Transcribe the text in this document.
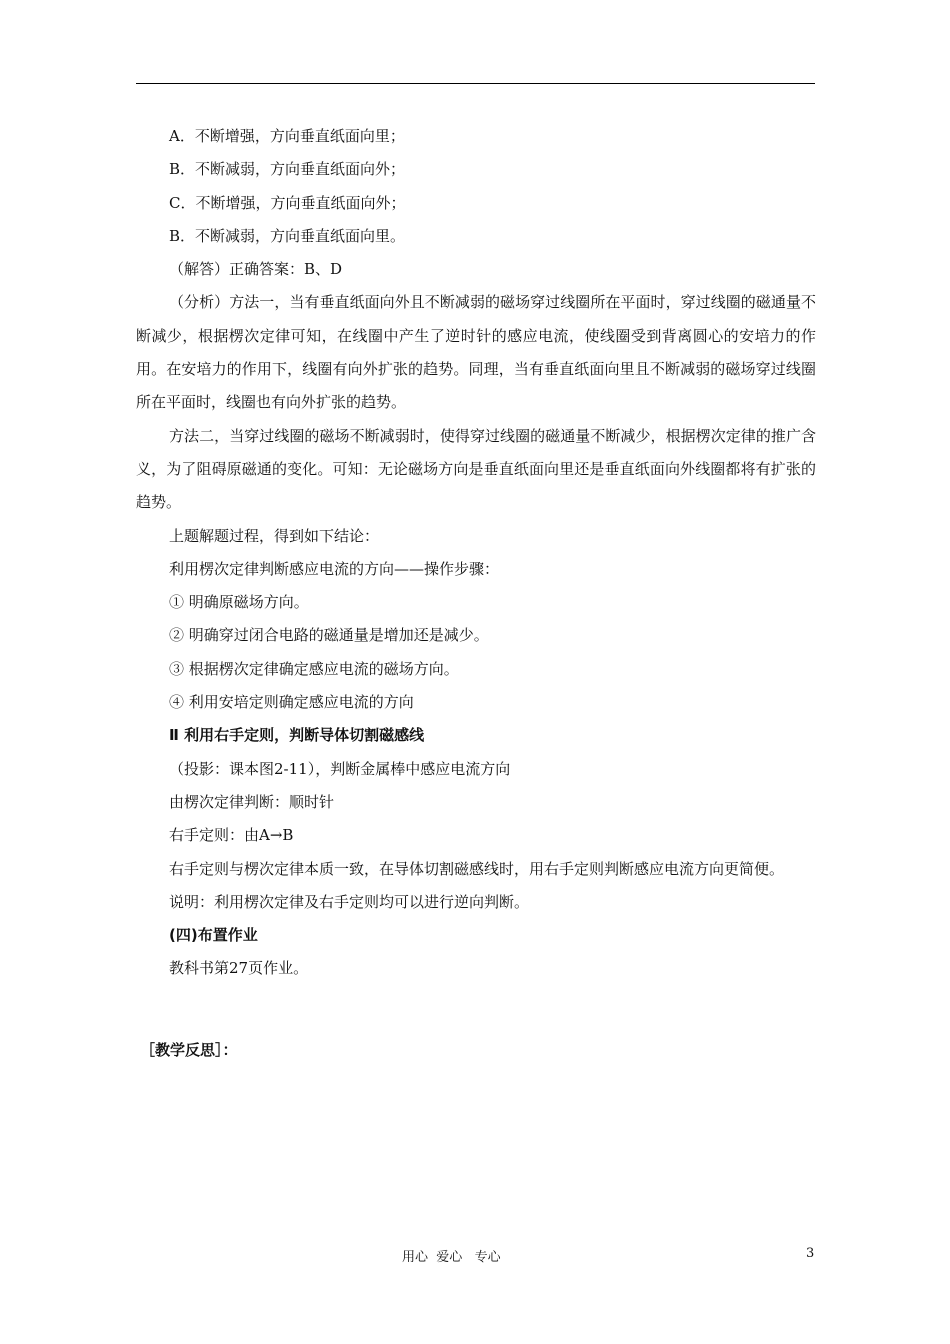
A．不断增强，方向垂直纸面向里；

B．不断减弱，方向垂直纸面向外；

C．不断增强，方向垂直纸面向外；

B．不断减弱，方向垂直纸面向里。

（解答）正确答案：B、D

（分析）方法一，当有垂直纸面向外且不断减弱的磁场穿过线圈所在平面时，穿过线圈的磁通量不断减少，根据楞次定律可知，在线圈中产生了逆时针的感应电流，使线圈受到背离圆心的安培力的作用。在安培力的作用下，线圈有向外扩张的趋势。同理，当有垂直纸面向里且不断减弱的磁场穿过线圈所在平面时，线圈也有向外扩张的趋势。

方法二，当穿过线圈的磁场不断减弱时，使得穿过线圈的磁通量不断减少，根据楞次定律的推广含义，为了阻碍原磁通的变化。可知：无论磁场方向是垂直纸面向里还是垂直纸面向外线圈都将有扩张的趋势。

上题解题过程，得到如下结论：

利用楞次定律判断感应电流的方向——操作步骤：

① 明确原磁场方向。

② 明确穿过闭合电路的磁通量是增加还是减少。

③ 根据楞次定律确定感应电流的磁场方向。

④ 利用安培定则确定感应电流的方向

Ⅱ 利用右手定则，判断导体切割磁感线

（投影：课本图2-11），判断金属棒中感应电流方向

由楞次定律判断：顺时针

右手定则：由A→B

右手定则与楞次定律本质一致，在导体切割磁感线时，用右手定则判断感应电流方向更简便。

说明：利用楞次定律及右手定则均可以进行逆向判断。

(四)布置作业

教科书第27页作业。

［教学反思］：

用心  爱心   专心	3
